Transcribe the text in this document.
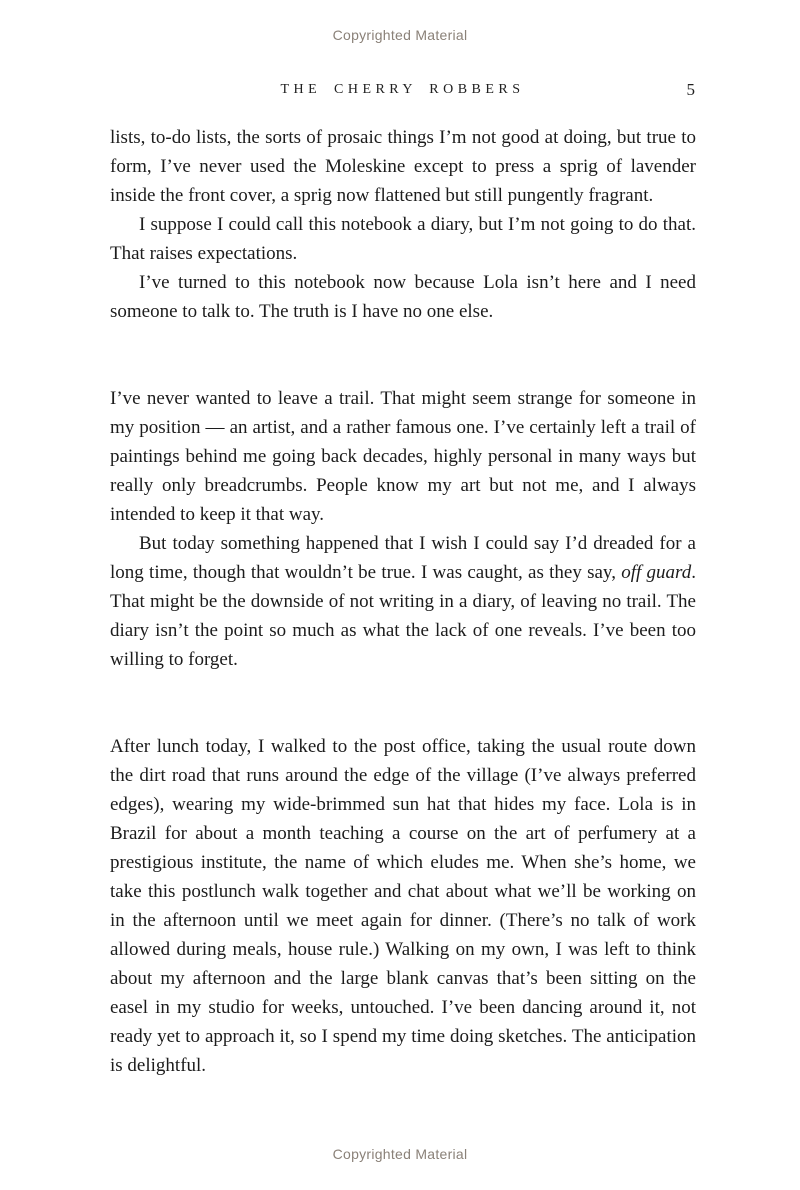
Copyrighted Material
THE CHERRY ROBBERS	5

lists, to-do lists, the sorts of prosaic things I’m not good at doing, but true to form, I’ve never used the Moleskine except to press a sprig of lavender inside the front cover, a sprig now flattened but still pungently fragrant.

I suppose I could call this notebook a diary, but I’m not going to do that. That raises expectations.

I’ve turned to this notebook now because Lola isn’t here and I need someone to talk to. The truth is I have no one else.

I’ve never wanted to leave a trail. That might seem strange for someone in my position — an artist, and a rather famous one. I’ve certainly left a trail of paintings behind me going back decades, highly personal in many ways but really only breadcrumbs. People know my art but not me, and I always intended to keep it that way.

But today something happened that I wish I could say I’d dreaded for a long time, though that wouldn’t be true. I was caught, as they say, off guard. That might be the downside of not writing in a diary, of leaving no trail. The diary isn’t the point so much as what the lack of one reveals. I’ve been too willing to forget.

After lunch today, I walked to the post office, taking the usual route down the dirt road that runs around the edge of the village (I’ve always preferred edges), wearing my wide-brimmed sun hat that hides my face. Lola is in Brazil for about a month teaching a course on the art of perfumery at a prestigious institute, the name of which eludes me. When she’s home, we take this postlunch walk together and chat about what we’ll be working on in the afternoon until we meet again for dinner. (There’s no talk of work allowed during meals, house rule.) Walking on my own, I was left to think about my afternoon and the large blank canvas that’s been sitting on the easel in my studio for weeks, untouched. I’ve been dancing around it, not ready yet to approach it, so I spend my time doing sketches. The anticipation is delightful.

Copyrighted Material
